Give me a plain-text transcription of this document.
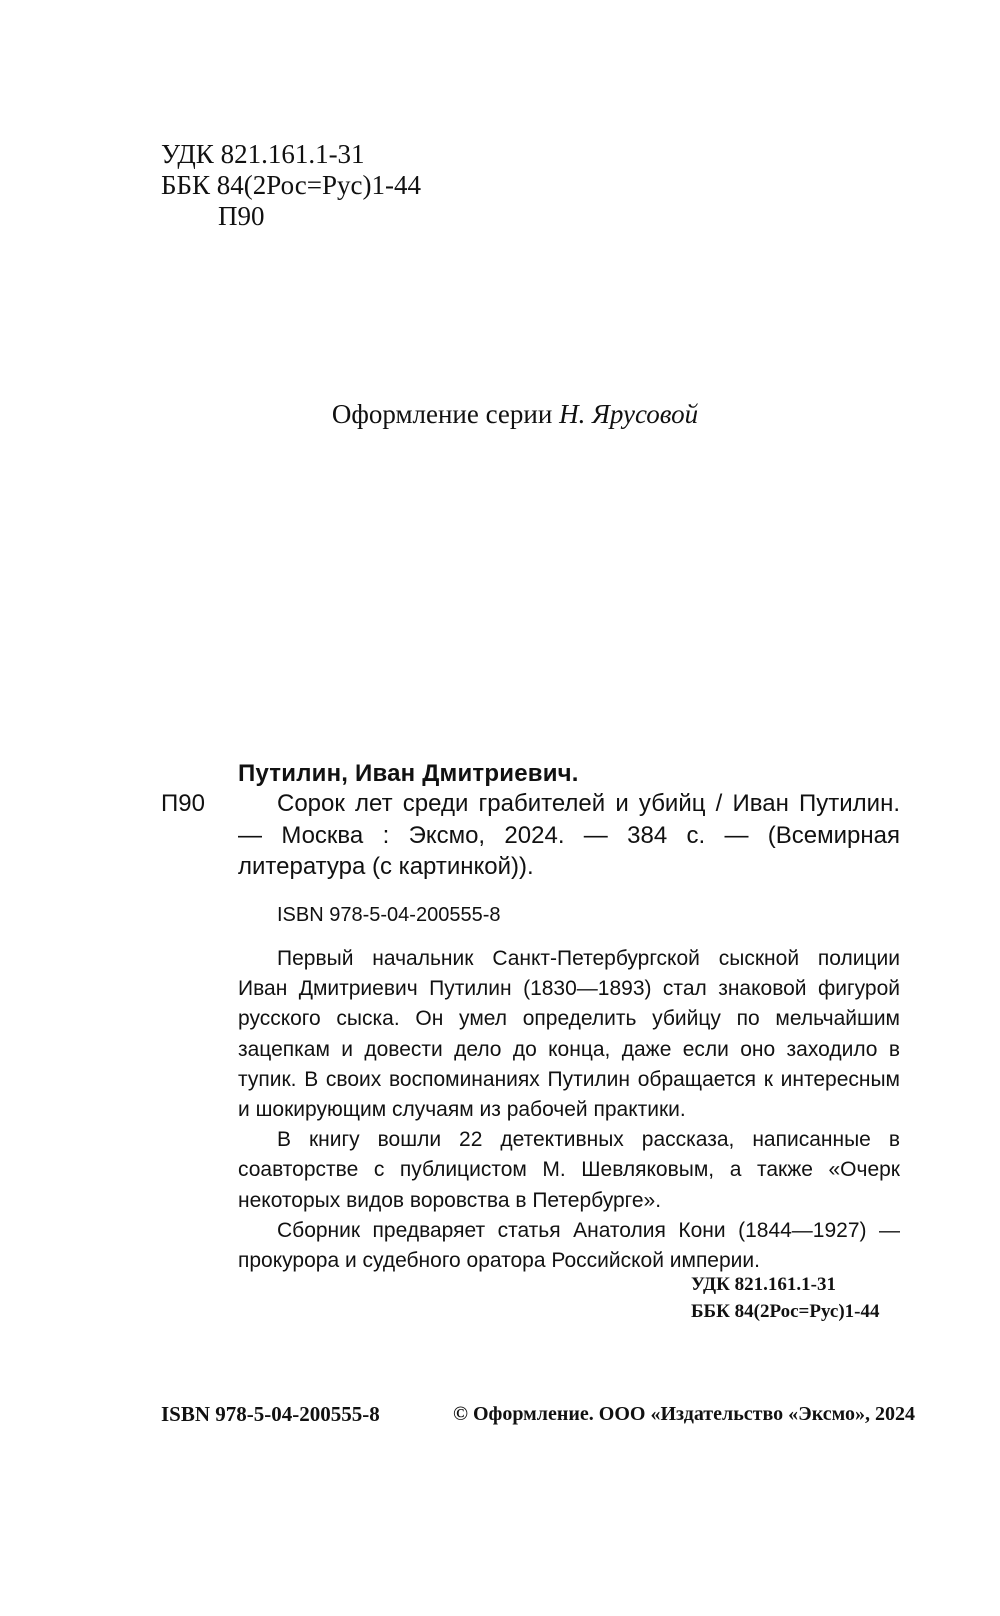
УДК 821.161.1-31
ББК 84(2Рос=Рус)1-44
П90
Оформление серии Н. Ярусовой
Путилин, Иван Дмитриевич.
П90	Сорок лет среди грабителей и убийц / Иван Путилин. — Москва : Эксмо, 2024. — 384 с. — (Всемирная литература (с картинкой)).
ISBN 978-5-04-200555-8

Первый начальник Санкт-Петербургской сыскной полиции Иван Дмитриевич Путилин (1830—1893) стал знаковой фигурой русского сыска. Он умел определить убийцу по мельчайшим зацепкам и довести дело до конца, даже если оно заходило в тупик. В своих воспоминаниях Путилин обращается к интересным и шокирующим случаям из рабочей практики.

В книгу вошли 22 детективных рассказа, написанные в соавторстве с публицистом М. Шевляковым, а также «Очерк некоторых видов воровства в Петербурге».

Сборник предваряет статья Анатолия Кони (1844—1927) — прокурора и судебного оратора Российской империи.

УДК 821.161.1-31
ББК 84(2Рос=Рус)1-44
ISBN 978-5-04-200555-8	© Оформление. ООО «Издательство «Эксмо», 2024
